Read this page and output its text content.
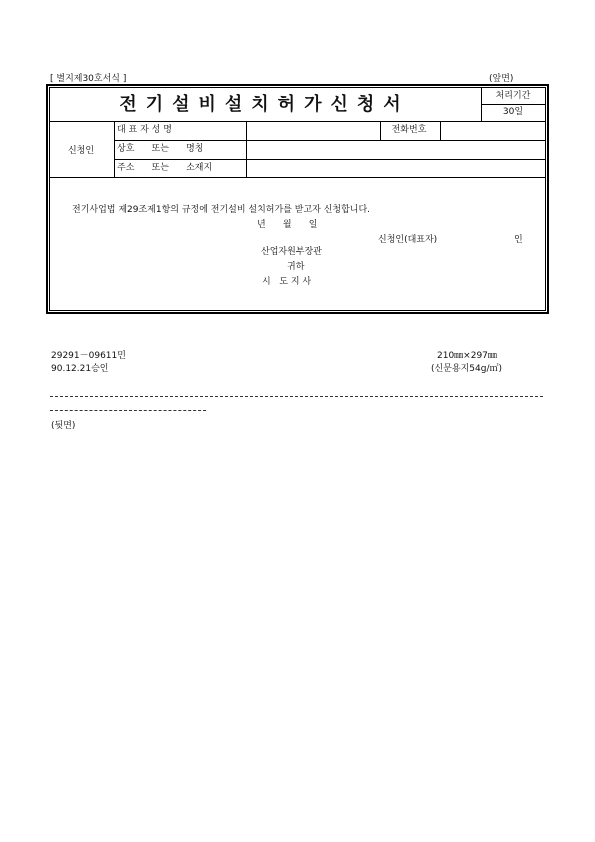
[ 별지제30호서식 ]	(앞면)
전기설비설치허가신청서	처리기간
30일
신청인
대 표 자 성 명	전화번호
상호      또는      명칭
주소      또는      소재지
전기사업법 제29조제1항의 규정에 전기설비 설치허가를 받고자 신청합니다.
년      월      일
신청인(대표자)	인
산업자원부장관
귀하
시   도 지 사
29291－09611민
90.12.21승인
210㎜×297㎜
(신문용지54g/㎡)
(뒷면)
